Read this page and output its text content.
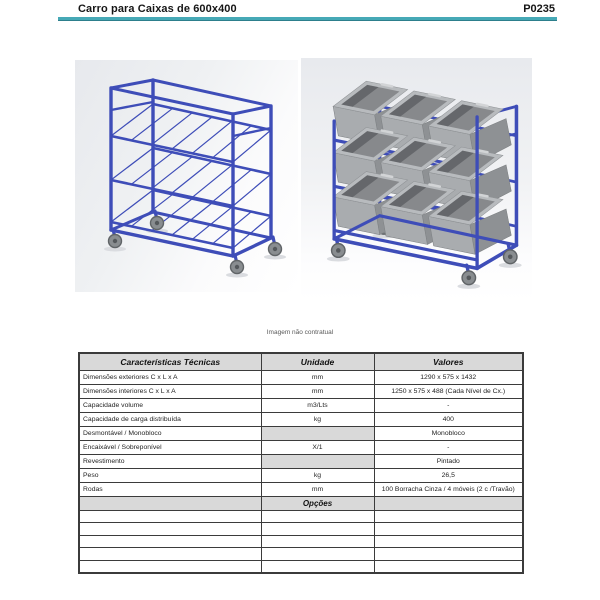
Carro para Caixas de 600x400	P0235
Imagem não contratual
Características Técnicas	Unidade	Valores
Dimensões exteriores C x L x A	mm	1290 x 575 x 1432
Dimensões interiores C x L x A	mm	1250 x 575 x 488 (Cada Nível de Cx.)
Capacidade volume	m3/Lts	-
Capacidade de carga distribuída	kg	400
Desmontável / Monobloco		Monobloco
Encaixável / Sobreponível	X/1	-
Revestimento		Pintado
Peso	kg	26,5
Rodas	mm	100 Borracha Cinza / 4 móveis (2 c /Travão)
	Opções	
